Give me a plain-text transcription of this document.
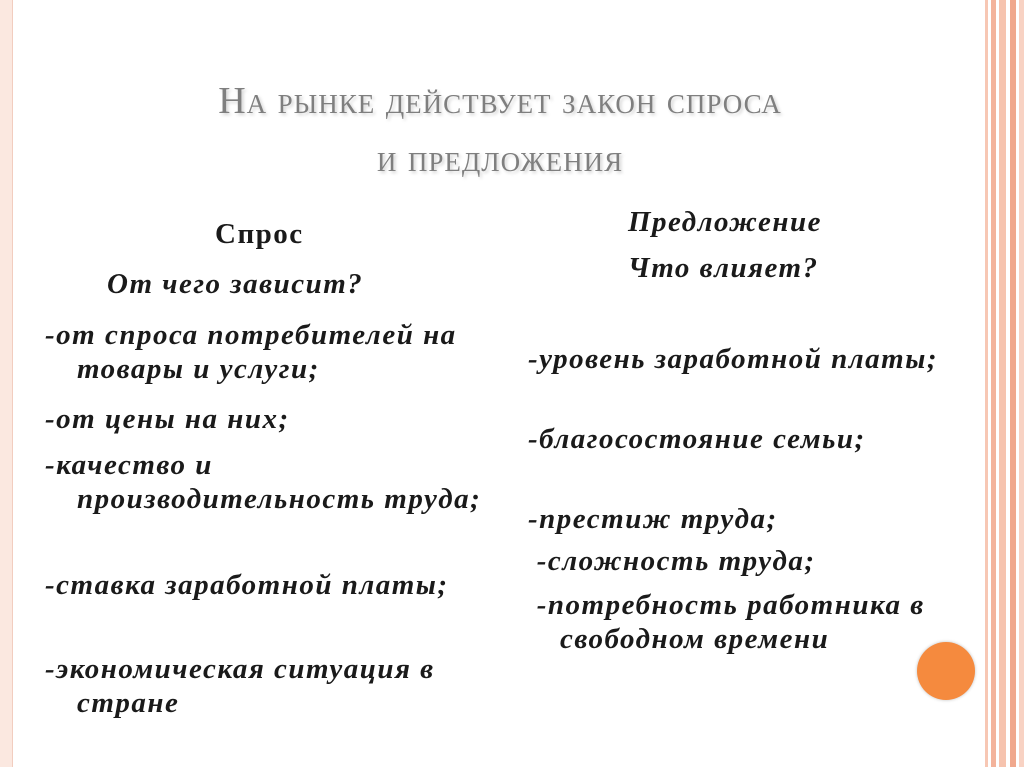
На рынке действует закон спроса
и предложения
Спрос
От чего зависит?
-от спроса потребителей на товары и услуги;
-от цены на них;
-качество и производительность труда;
-ставка заработной платы;
-экономическая ситуация в стране
Предложение
Что влияет?
-уровень заработной платы;
-благосостояние семьи;
-престиж труда;
-сложность труда;
-потребность работника в свободном времени
